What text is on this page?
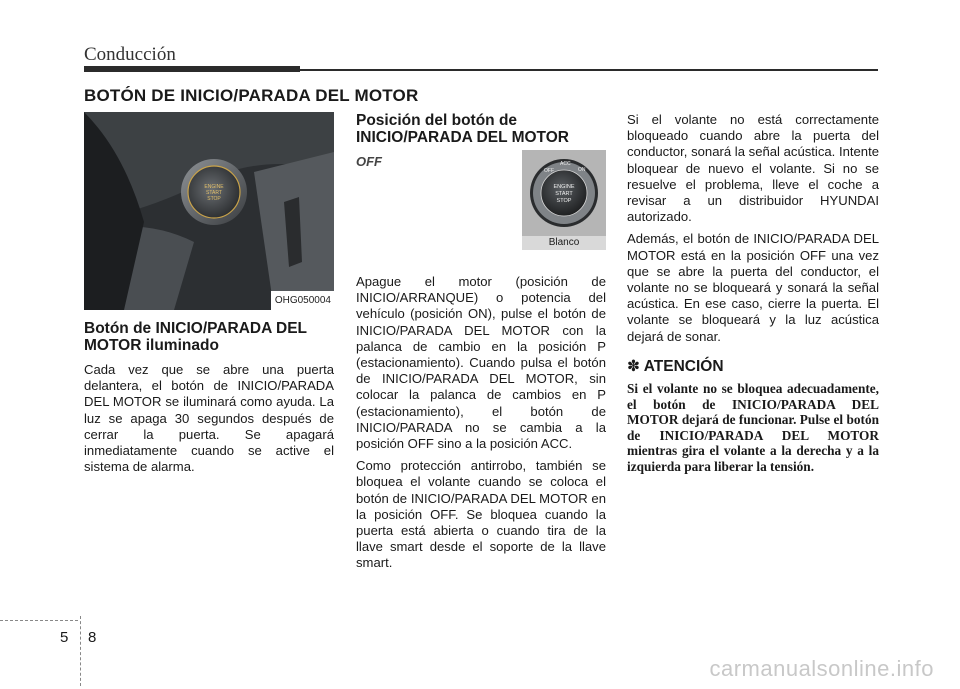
Conducción
BOTÓN DE INICIO/PARADA DEL MOTOR
ENGINE
START
STOP
OHG050004
Botón de INICIO/PARADA DEL MOTOR iluminado

Cada vez que se abre una puerta delantera, el botón de INICIO/PARADA DEL MOTOR se iluminará como ayuda. La luz se apaga 30 segundos después de cerrar la puerta. Se apagará inmediatamente cuando se active el sistema de alarma.

Posición del botón de INICIO/PARADA DEL MOTOR
OFF
OFF
ACC
ON
ENGINE
START
STOP
Blanco

Apague el motor (posición de INICIO/ARRANQUE) o potencia del vehículo (posición ON), pulse el botón de INICIO/PARADA DEL MOTOR con la palanca de cambio en la posición P (estacionamiento). Cuando pulsa el botón de INICIO/PARADA DEL MOTOR, sin colocar la palanca de cambios en P (estacionamiento), el botón de INICIO/PARADA no se cambia a la posición OFF sino a la posición ACC.

Como protección antirrobo, también se bloquea el volante cuando se coloca el botón de INICIO/PARADA DEL MOTOR en la posición OFF. Se bloquea cuando la puerta está abierta o cuando tira de la llave smart desde el soporte de la llave smart.

Si el volante no está correctamente bloqueado cuando abre la puerta del conductor, sonará la señal acústica. Intente bloquear de nuevo el volante. Si no se resuelve el problema, lleve el coche a revisar a un distribuidor HYUNDAI autorizado.

Además, el botón de INICIO/PARADA DEL MOTOR está en la posición OFF una vez que se abre la puerta del conductor, el volante no se bloqueará y sonará la señal acústica. En ese caso, cierre la puerta. El volante se bloqueará y la luz acústica dejará de sonar.

✽ ATENCIÓN

Si el volante no se bloquea adecuadamente, el botón de INICIO/PARADA DEL MOTOR dejará de funcionar. Pulse el botón de INICIO/PARADA DEL MOTOR mientras gira el volante a la derecha y a la izquierda para liberar la tensión.

5 8
carmanualsonline.info
